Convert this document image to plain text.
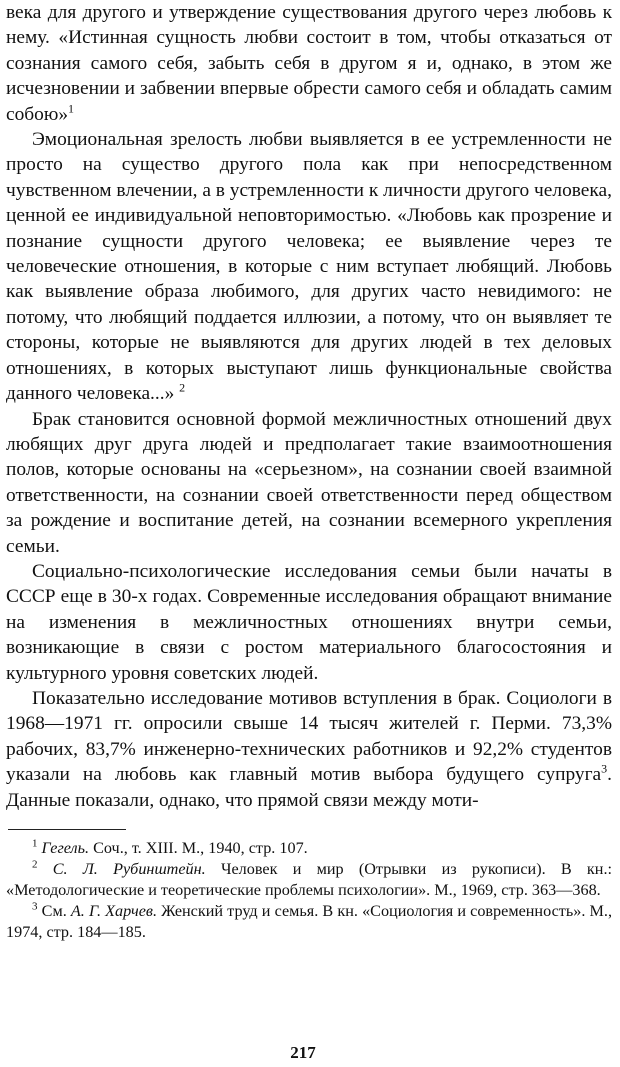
века для другого и утверждение существования другого через любовь к нему. «Истинная сущность любви состоит в том, чтобы отказаться от сознания самого себя, забыть себя в другом я и, однако, в этом же исчезновении и забвении впервые обрести самого себя и обладать самим собою»$^1$

Эмоциональная зрелость любви выявляется в ее устремленности не просто на существо другого пола как при непосредственном чувственном влечении, а в устремленности к личности другого человека, ценной ее индивидуальной неповторимостью. «Любовь как прозрение и познание сущности другого человека; ее выявление через те человеческие отношения, в которые с ним вступает любящий. Любовь как выявление образа любимого, для других часто невидимого: не потому, что любящий поддается иллюзии, а потому, что он выявляет те стороны, которые не выявляются для других людей в тех деловых отношениях, в которых выступают лишь функциональные свойства данного человека...» $^2$

Брак становится основной формой межличностных отношений двух любящих друг друга людей и предполагает такие взаимоотношения полов, которые основаны на «серьезном», на сознании своей взаимной ответственности, на сознании своей ответственности перед обществом за рождение и воспитание детей, на сознании всемерного укрепления семьи.

Социально-психологические исследования семьи были начаты в СССР еще в 30-х годах. Современные исследования обращают внимание на изменения в межличностных отношениях внутри семьи, возникающие в связи с ростом материального благосостояния и культурного уровня советских людей.

Показательно исследование мотивов вступления в брак. Социологи в 1968—1971 гг. опросили свыше 14 тысяч жителей г. Перми. 73,3% рабочих, 83,7% инженерно-технических работников и 92,2% студентов указали на любовь как главный мотив выбора будущего супруга$^3$. Данные показали, однако, что прямой связи между моти-

$^1$ Гегель. Соч., т. XIII. М., 1940, стр. 107.

$^2$ С. Л. Рубинштейн. Человек и мир (Отрывки из рукописи). В кн.: «Методологические и теоретические проблемы психологии». М., 1969, стр. 363—368.

$^3$ См. А. Г. Харчев. Женский труд и семья. В кн. «Социология и современность». М., 1974, стр. 184—185.

217
